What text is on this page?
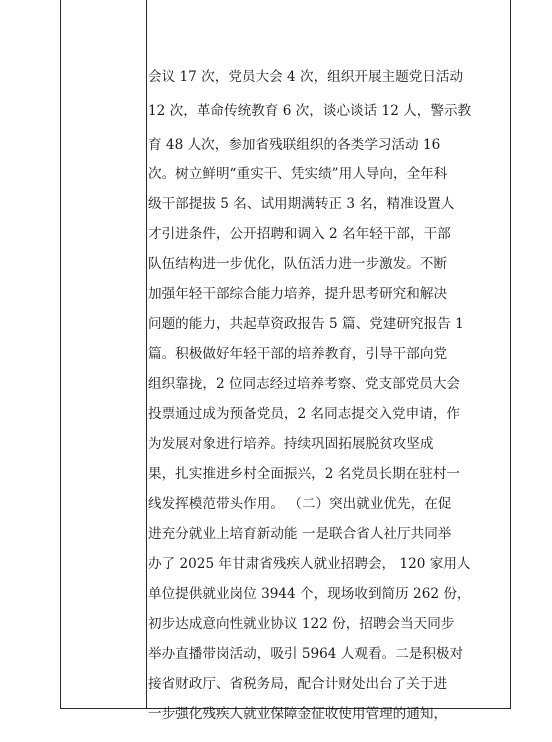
会议 17 次，党员大会 4 次，组织开展主题党日活动
12 次，革命传统教育 6 次，谈心谈话 12 人，警示教
育 48 人次，参加省残联组织的各类学习活动 16
次。树立鲜明“重实干、凭实绩”用人导向，全年科
级干部提拔 5 名、试用期满转正 3 名，精准设置人
才引进条件，公开招聘和调入 2 名年轻干部，干部
队伍结构进一步优化，队伍活力进一步激发。不断
加强年轻干部综合能力培养，提升思考研究和解决
问题的能力，共起草资政报告 5 篇、党建研究报告 1
篇。积极做好年轻干部的培养教育，引导干部向党
组织靠拢，2 位同志经过培养考察、党支部党员大会
投票通过成为预备党员，2 名同志提交入党申请，作
为发展对象进行培养。持续巩固拓展脱贫攻坚成
果，扎实推进乡村全面振兴，2 名党员长期在驻村一
线发挥模范带头作用。 （二）突出就业优先，在促
进充分就业上培育新动能 一是联合省人社厅共同举
办了 2025 年甘肃省残疾人就业招聘会， 120 家用人
单位提供就业岗位 3944 个，现场收到简历 262 份，
初步达成意向性就业协议 122 份，招聘会当天同步
举办直播带岗活动，吸引 5964 人观看。二是积极对
接省财政厅、省税务局，配合计财处出台了关于进
一步强化残疾人就业保障金征收使用管理的通知，
